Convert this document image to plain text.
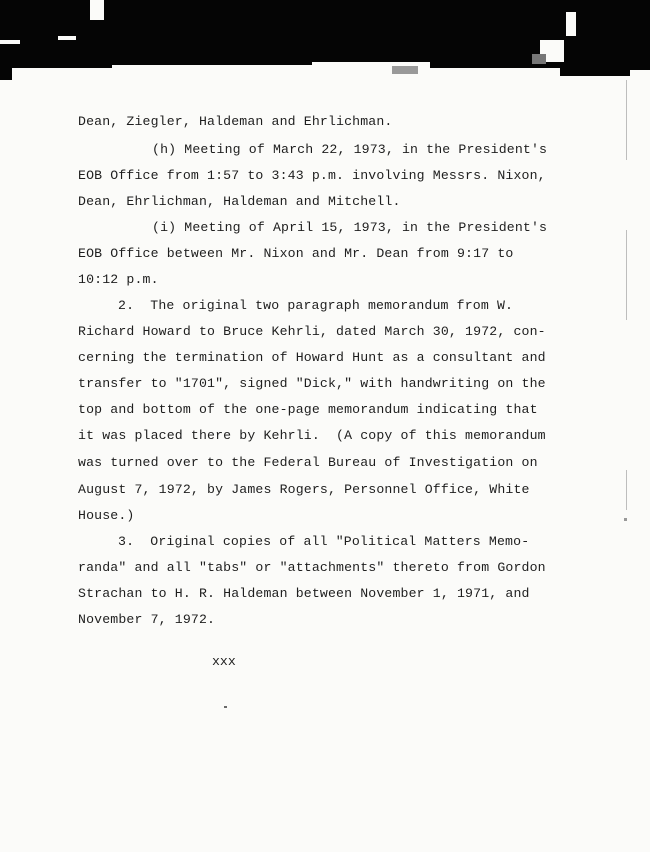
Dean, Ziegler, Haldeman and Ehrlichman.
(h) Meeting of March 22, 1973, in the President's
EOB Office from 1:57 to 3:43 p.m. involving Messrs. Nixon,
Dean, Ehrlichman, Haldeman and Mitchell.
(i) Meeting of April 15, 1973, in the President's
EOB Office between Mr. Nixon and Mr. Dean from 9:17 to
10:12 p.m.
2.  The original two paragraph memorandum from W.
Richard Howard to Bruce Kehrli, dated March 30, 1972, con-
cerning the termination of Howard Hunt as a consultant and
transfer to "1701", signed "Dick," with handwriting on the
top and bottom of the one-page memorandum indicating that
it was placed there by Kehrli.  (A copy of this memorandum
was turned over to the Federal Bureau of Investigation on
August 7, 1972, by James Rogers, Personnel Office, White
House.)
3.  Original copies of all "Political Matters Memo-
randa" and all "tabs" or "attachments" thereto from Gordon
Strachan to H. R. Haldeman between November 1, 1971, and
November 7, 1972.
xxx
